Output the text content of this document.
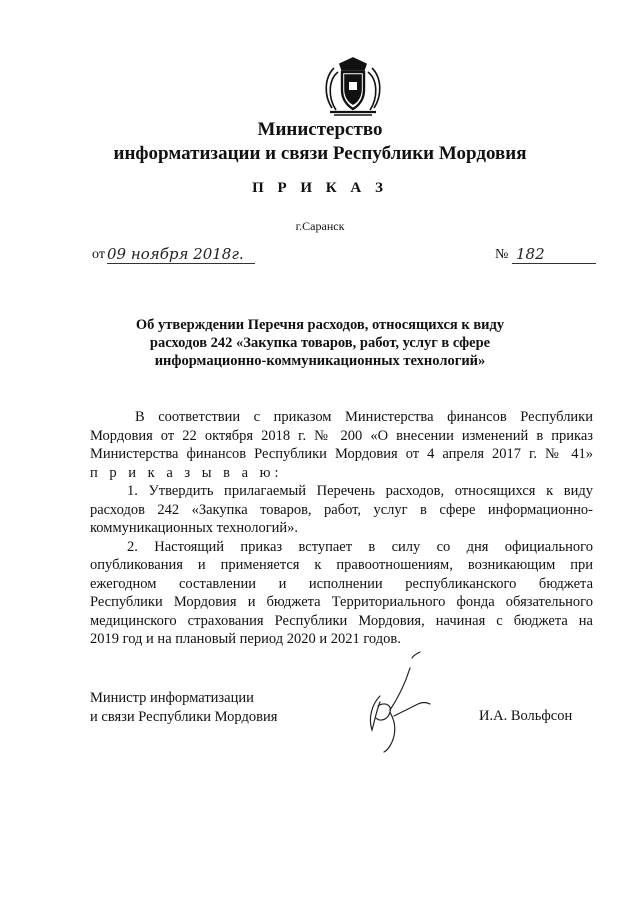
Министерство
информатизации и связи Республики Мордовия
П Р И К А З
г.Саранск
от 09 ноября 2018г.	№ 182
Об утверждении Перечня расходов, относящихся к виду
расходов 242 «Закупка товаров, работ, услуг в сфере
информационно-коммуникационных технологий»
В соответствии с приказом Министерства финансов Республики
Мордовия от 22 октября 2018 г. № 200 «О внесении изменений в приказ
Министерства финансов Республики Мордовия от 4 апреля 2017 г. № 41»
п р и к а з ы в а ю:
1. Утвердить прилагаемый Перечень расходов, относящихся к виду
расходов 242 «Закупка товаров, работ, услуг в сфере информационно-
коммуникационных технологий».
2. Настоящий приказ вступает в силу со дня официального
опубликования и применяется к правоотношениям, возникающим при
ежегодном составлении и исполнении республиканского бюджета
Республики Мордовия и бюджета Территориального фонда обязательного
медицинского страхования Республики Мордовия, начиная с бюджета на
2019 год и на плановый период 2020 и 2021 годов.
Министр информатизации
и связи Республики Мордовия	И.А. Вольфсон
